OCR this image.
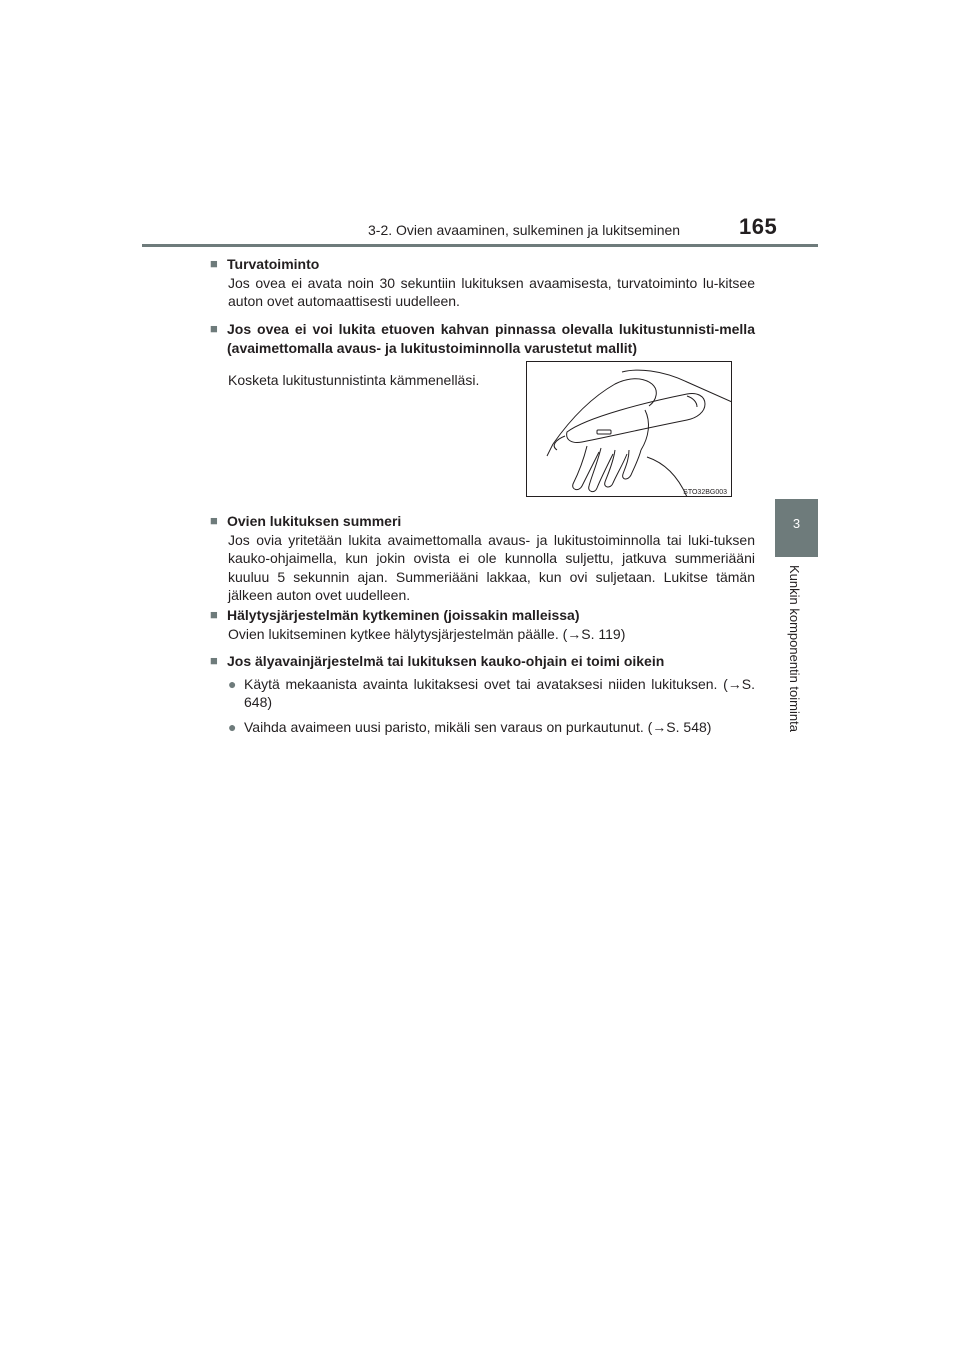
3-2. Ovien avaaminen, sulkeminen ja lukitseminen	165
3
Kunkin komponentin toiminta
■ Turvatoiminto
Jos ovea ei avata noin 30 sekuntiin lukituksen avaamisesta, turvatoiminto lu-kitsee auton ovet automaattisesti uudelleen.
■ Jos ovea ei voi lukita etuoven kahvan pinnassa olevalla lukitustunnisti-mella (avaimettomalla avaus- ja lukitustoiminnolla varustetut mallit)
Kosketa lukitustunnistinta kämmenelläsi.
STO32BG003
■ Ovien lukituksen summeri
Jos ovia yritetään lukita avaimettomalla avaus- ja lukitustoiminnolla tai luki-tuksen kauko-ohjaimella, kun jokin ovista ei ole kunnolla suljettu, jatkuva summeriääni kuuluu 5 sekunnin ajan. Summeriääni lakkaa, kun ovi suljetaan. Lukitse tämän jälkeen auton ovet uudelleen.
■ Hälytysjärjestelmän kytkeminen (joissakin malleissa)
Ovien lukitseminen kytkee hälytysjärjestelmän päälle. (→S. 119)
■ Jos älyavainjärjestelmä tai lukituksen kauko-ohjain ei toimi oikein
● Käytä mekaanista avainta lukitaksesi ovet tai avataksesi niiden lukituksen. (→S. 648)
● Vaihda avaimeen uusi paristo, mikäli sen varaus on purkautunut. (→S. 548)
